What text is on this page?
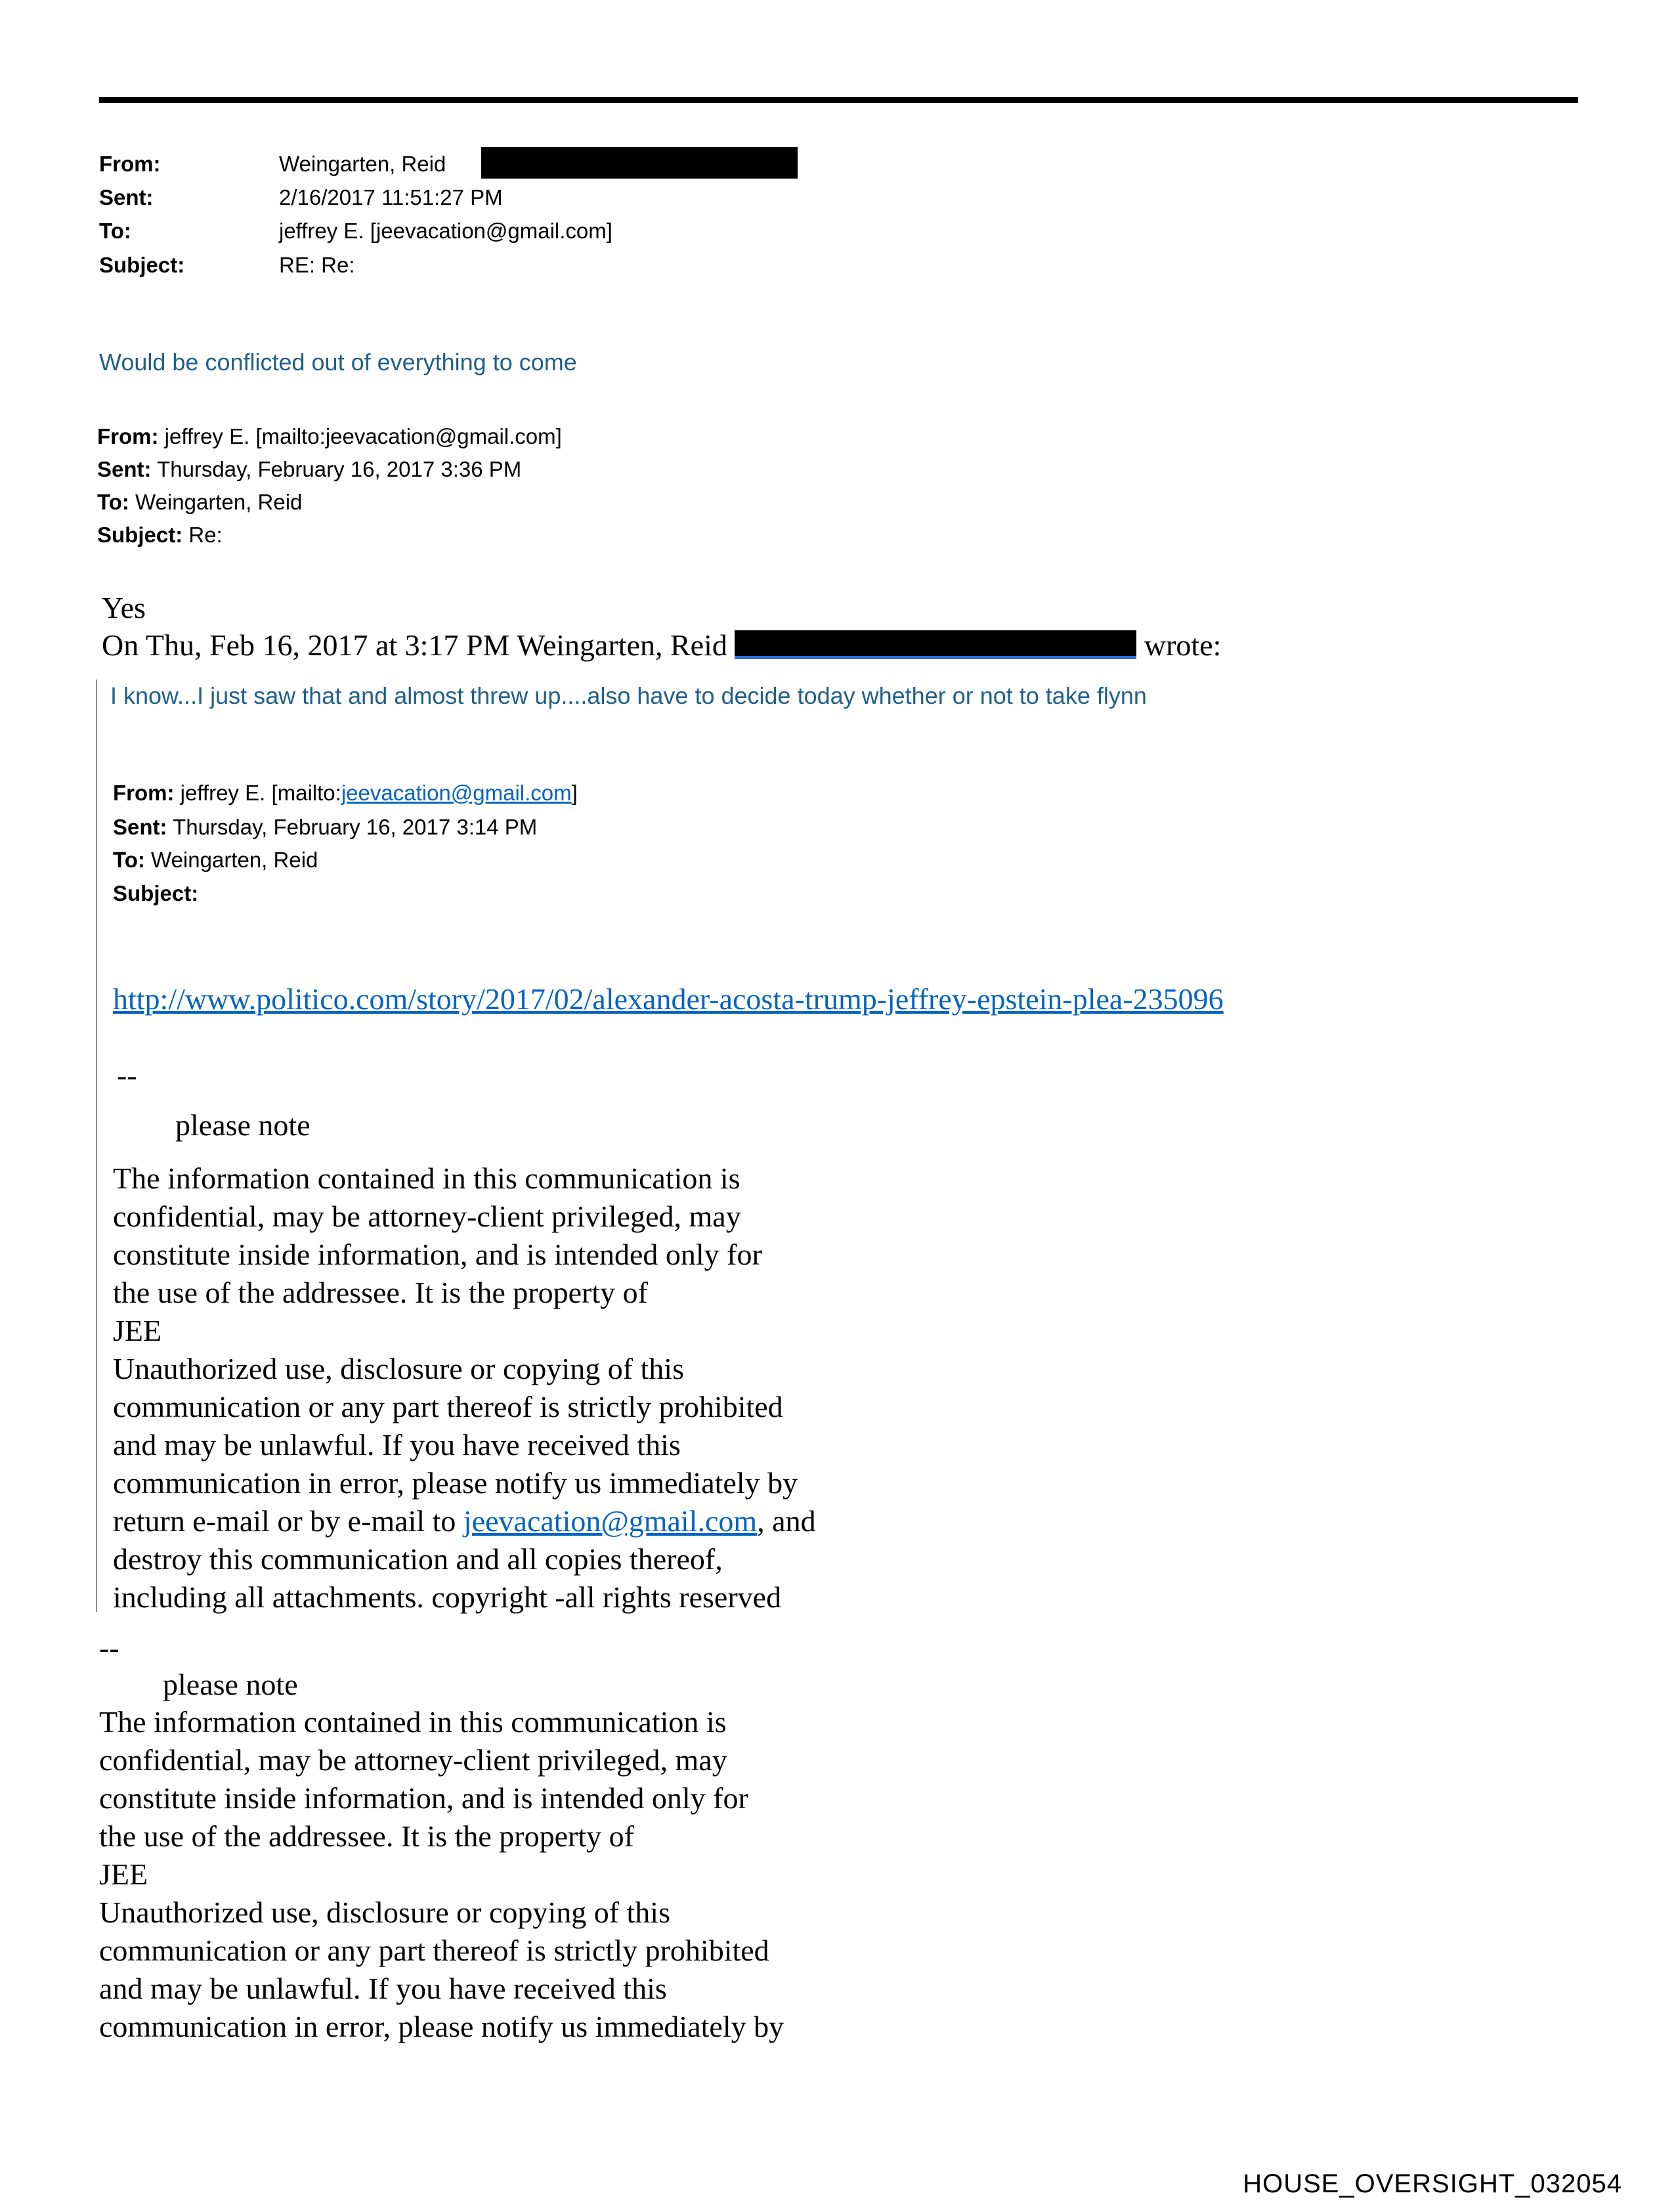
From:	Weingarten, Reid
Sent:	2/16/2017 11:51:27 PM
To:	jeffrey E. [jeevacation@gmail.com]
Subject:	RE: Re:
Would be conflicted out of everything to come
From: jeffrey E. [mailto:jeevacation@gmail.com]
Sent: Thursday, February 16, 2017 3:36 PM
To: Weingarten, Reid
Subject: Re:
Yes
On Thu, Feb 16, 2017 at 3:17 PM Weingarten, Reid	wrote:
I know...I just saw that and almost threw up....also have to decide today whether or not to take flynn
From: jeffrey E. [mailto:jeevacation@gmail.com]
Sent: Thursday, February 16, 2017 3:14 PM
To: Weingarten, Reid
Subject:
http://www.politico.com/story/2017/02/alexander-acosta-trump-jeffrey-epstein-plea-235096
--
please note
The information contained in this communication is
confidential, may be attorney-client privileged, may
constitute inside information, and is intended only for
the use of the addressee. It is the property of
JEE
Unauthorized use, disclosure or copying of this
communication or any part thereof is strictly prohibited
and may be unlawful. If you have received this
communication in error, please notify us immediately by
return e-mail or by e-mail to jeevacation@gmail.com, and
destroy this communication and all copies thereof,
including all attachments. copyright -all rights reserved
--
please note
The information contained in this communication is
confidential, may be attorney-client privileged, may
constitute inside information, and is intended only for
the use of the addressee. It is the property of
JEE
Unauthorized use, disclosure or copying of this
communication or any part thereof is strictly prohibited
and may be unlawful. If you have received this
communication in error, please notify us immediately by
HOUSE_OVERSIGHT_032054
